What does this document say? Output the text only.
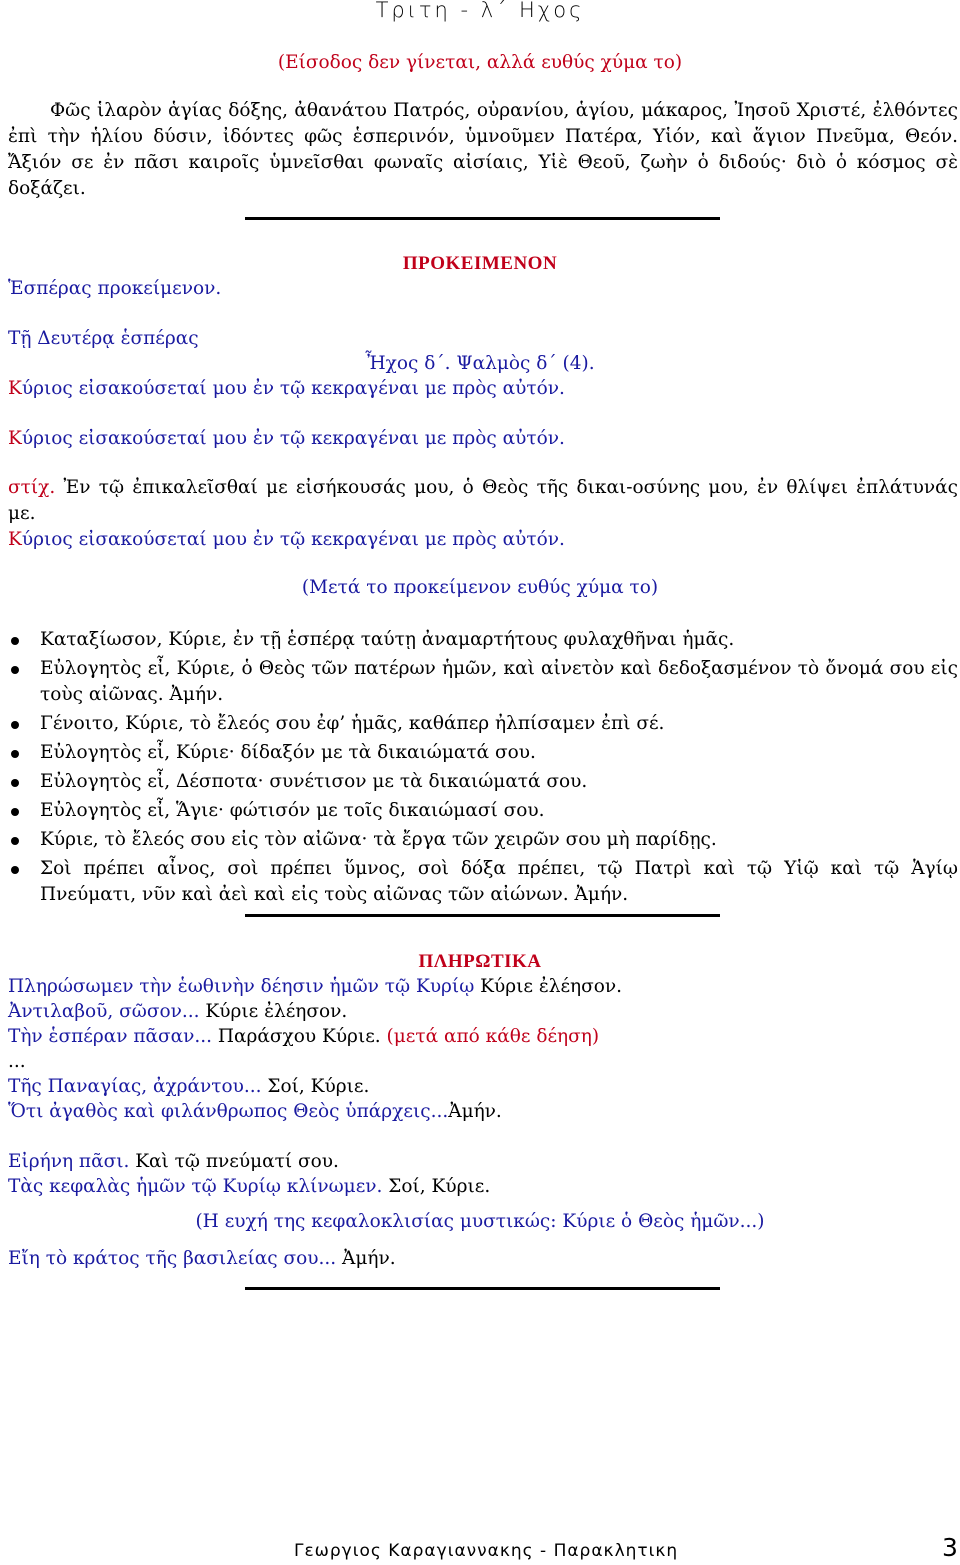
Τριτη - λ΄ Ηχος
(Είσοδος δεν γίνεται, αλλά ευθύς χύμα το)
Φῶς ἱλαρὸν ἁγίας δόξης, ἀθανάτου Πατρός, οὐρανίου, ἁγίου, μάκαρος, Ἰησοῦ Χριστέ, ἐλθόντες ἐπὶ τὴν ἡλίου δύσιν, ἰδόντες φῶς ἑσπερινόν, ὑμνοῦμεν Πατέρα, Υἱόν, καὶ ἅγιον Πνεῦμα, Θεόν. Ἄξιόν σε ἐν πᾶσι καιροῖς ὑμνεῖσθαι φωναῖς αἰσίαις, Υἱὲ Θεοῦ, ζωὴν ὁ διδούς· διὸ ὁ κόσμος σὲ δοξάζει.
ΠΡΟΚΕΙΜΕΝΟΝ
Ἑσπέρας προκείμενον.
Τῇ Δευτέρᾳ ἑσπέρας
Ἦχος δ΄. Ψαλμὸς δ΄ (4).
Κύριος εἰσακούσεταί μου ἐν τῷ κεκραγέναι με πρὸς αὐτόν.
Κύριος εἰσακούσεταί μου ἐν τῷ κεκραγέναι με πρὸς αὐτόν.
στίχ. Ἐν τῷ ἐπικαλεῖσθαί με εἰσήκουσάς μου, ὁ Θεὸς τῆς δικαι-οσύνης μου, ἐν θλίψει ἐπλάτυνάς με.
Κύριος εἰσακούσεταί μου ἐν τῷ κεκραγέναι με πρὸς αὐτόν.
(Μετά το προκείμενον ευθύς χύμα το)
Καταξίωσον, Κύριε, ἐν τῇ ἑσπέρᾳ ταύτῃ ἀναμαρτήτους φυλαχθῆναι ἡμᾶς.
Εὐλογητὸς εἶ, Κύριε, ὁ Θεὸς τῶν πατέρων ἡμῶν, καὶ αἰνετὸν καὶ δεδοξασμένον τὸ ὄνομά σου εἰς τοὺς αἰῶνας. Ἀμήν.
Γένοιτο, Κύριε, τὸ ἔλεός σου ἐφ’ ἡμᾶς, καθάπερ ἠλπίσαμεν ἐπὶ σέ.
Εὐλογητὸς εἶ, Κύριε· δίδαξόν με τὰ δικαιώματά σου.
Εὐλογητὸς εἶ, Δέσποτα· συνέτισον με τὰ δικαιώματά σου.
Εὐλογητὸς εἶ, Ἅγιε· φώτισόν με τοῖς δικαιώμασί σου.
Κύριε, τὸ ἔλεός σου εἰς τὸν αἰῶνα· τὰ ἔργα τῶν χειρῶν σου μὴ παρίδῃς.
Σοὶ πρέπει αἶνος, σοὶ πρέπει ὕμνος, σοὶ δόξα πρέπει, τῷ Πατρὶ καὶ τῷ Υἱῷ καὶ τῷ Ἁγίῳ Πνεύματι, νῦν καὶ ἀεὶ καὶ εἰς τοὺς αἰῶνας τῶν αἰώνων. Ἀμήν.
ΠΛΗΡΩΤΙΚΑ
Πληρώσωμεν τὴν ἑωθινὴν δέησιν ἡμῶν τῷ Κυρίῳ Κύριε ἐλέησον.
Ἀντιλαβοῦ, σῶσον... Κύριε ἐλέησον.
Τὴν ἑσπέραν πᾶσαν... Παράσχου Κύριε. (μετά από κάθε δέηση)
...
Τῆς Παναγίας, ἀχράντου... Σοί, Κύριε.
Ὅτι ἀγαθὸς καὶ φιλάνθρωπος Θεὸς ὑπάρχεις...Ἀμήν.
Εἰρήνη πᾶσι. Καὶ τῷ πνεύματί σου.
Τὰς κεφαλὰς ἡμῶν τῷ Κυρίῳ κλίνωμεν. Σοί, Κύριε.
(Η ευχή της κεφαλοκλισίας μυστικώς: Κύριε ὁ Θεὸς ἡμῶν...)
Εἴη τὸ κράτος τῆς βασιλείας σου... Ἀμήν.
Γεωργιος Καραγιαννακης - Παρακλητικη	3
